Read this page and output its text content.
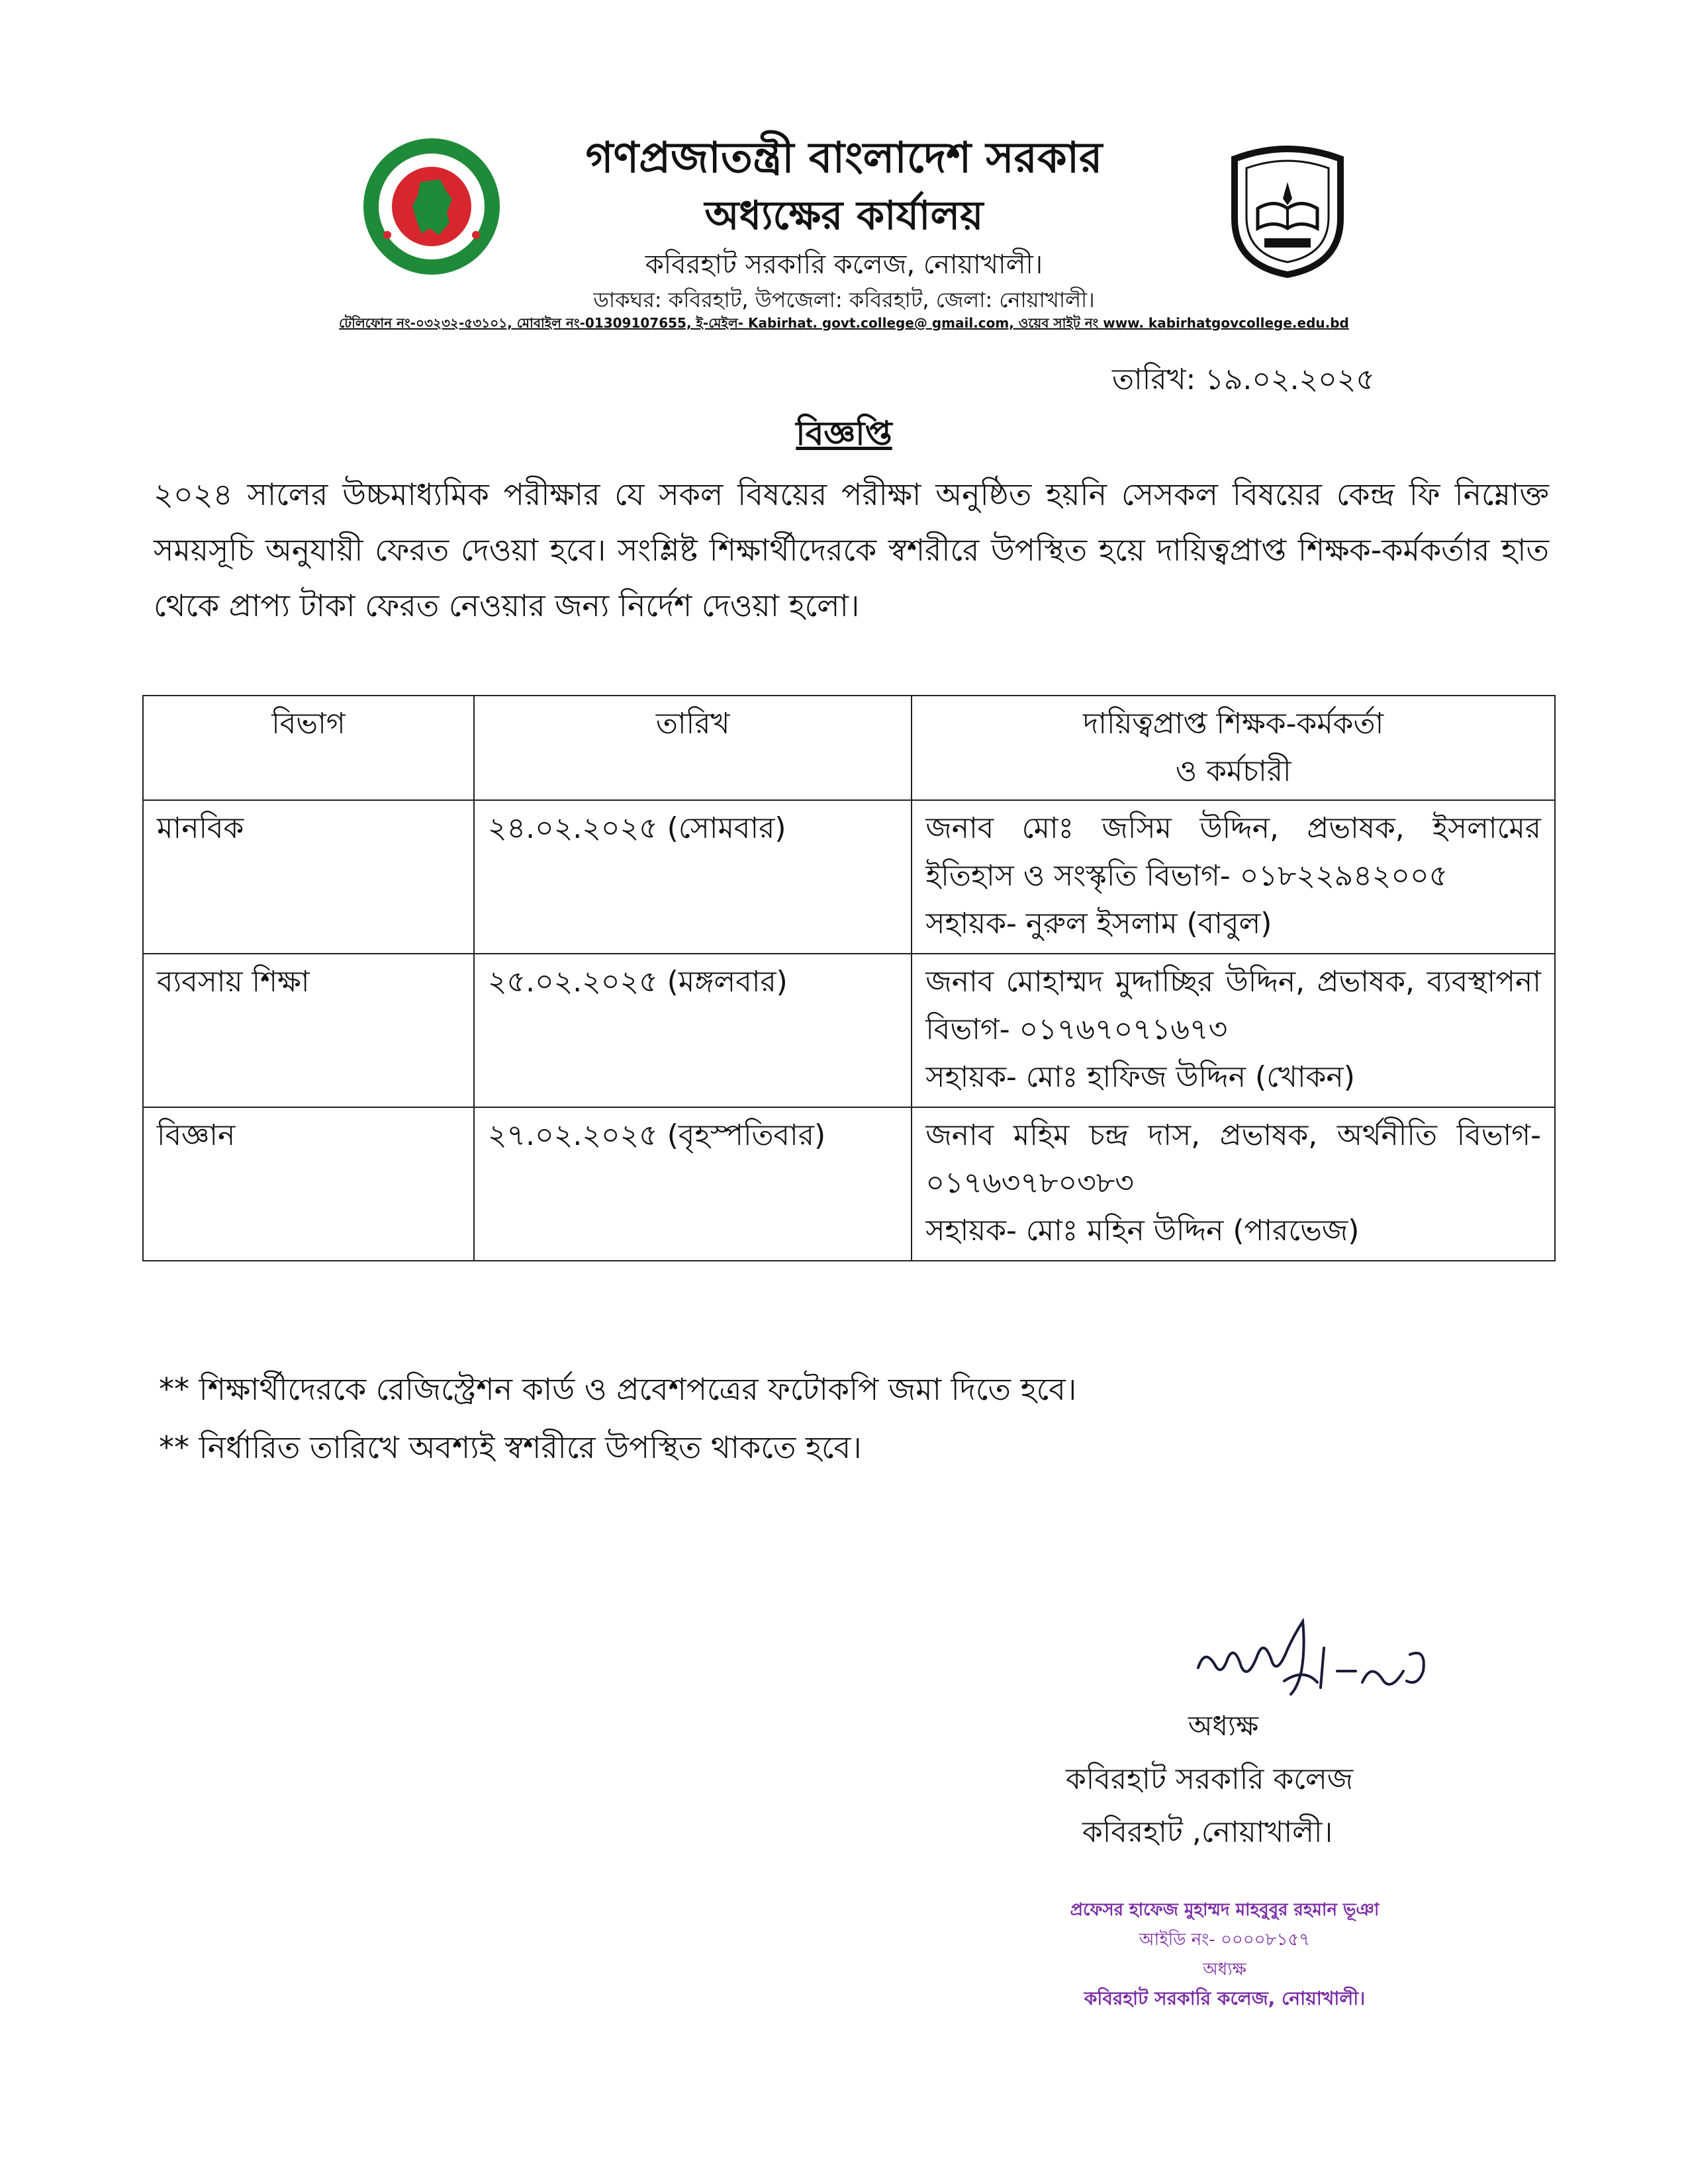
গণপ্রজাতন্ত্রী বাংলাদেশ সরকার
অধ্যক্ষের কার্যালয়
কবিরহাট সরকারি কলেজ, নোয়াখালী।
ডাকঘর: কবিরহাট, উপজেলা: কবিরহাট, জেলা: নোয়াখালী।
টেলিফোন নং-০৩২৩২-৫৩১০১, মোবাইল নং-01309107655, ই-মেইল- Kabirhat. govt.college@ gmail.com, ওয়েব সাইট নং www. kabirhatgovcollege.edu.bd
তারিখ: ১৯.০২.২০২৫
বিজ্ঞপ্তি
২০২৪ সালের উচ্চমাধ্যমিক পরীক্ষার যে সকল বিষয়ের পরীক্ষা অনুষ্ঠিত হয়নি সেসকল বিষয়ের কেন্দ্র ফি নিম্নোক্ত সময়সূচি অনুযায়ী ফেরত দেওয়া হবে। সংশ্লিষ্ট শিক্ষার্থীদেরকে স্বশরীরে উপস্থিত হয়ে দায়িত্বপ্রাপ্ত শিক্ষক-কর্মকর্তার হাত থেকে প্রাপ্য টাকা ফেরত নেওয়ার জন্য নির্দেশ দেওয়া হলো।
বিভাগ	তারিখ	দায়িত্বপ্রাপ্ত শিক্ষক-কর্মকর্তা
ও কর্মচারী

মানবিক	২৪.০২.২০২৫ (সোমবার)	জনাব মোঃ জসিম উদ্দিন, প্রভাষক, ইসলামের ইতিহাস ও সংস্কৃতি বিভাগ- ০১৮২২৯৪২০০৫
সহায়ক- নুরুল ইসলাম (বাবুল)

ব্যবসায় শিক্ষা	২৫.০২.২০২৫ (মঙ্গলবার)	জনাব মোহাম্মদ মুদ্দাচ্ছির উদ্দিন, প্রভাষক, ব্যবস্থাপনা বিভাগ- ০১৭৬৭০৭১৬৭৩
সহায়ক- মোঃ হাফিজ উদ্দিন (খোকন)

বিজ্ঞান	২৭.০২.২০২৫ (বৃহস্পতিবার)	জনাব মহিম চন্দ্র দাস, প্রভাষক, অর্থনীতি বিভাগ- ০১৭৬৩৭৮০৩৮৩
সহায়ক- মোঃ মহিন উদ্দিন (পারভেজ)
** শিক্ষার্থীদেরকে রেজিস্ট্রেশন কার্ড ও প্রবেশপত্রের ফটোকপি জমা দিতে হবে।
** নির্ধারিত তারিখে অবশ্যই স্বশরীরে উপস্থিত থাকতে হবে।
অধ্যক্ষ
কবিরহাট সরকারি কলেজ
কবিরহাট ,নোয়াখালী।
প্রফেসর হাফেজ মুহাম্মদ মাহবুবুর রহমান ভূঞা
আইডি নং- ০০০০৮১৫৭
অধ্যক্ষ
কবিরহাট সরকারি কলেজ, নোয়াখালী।
